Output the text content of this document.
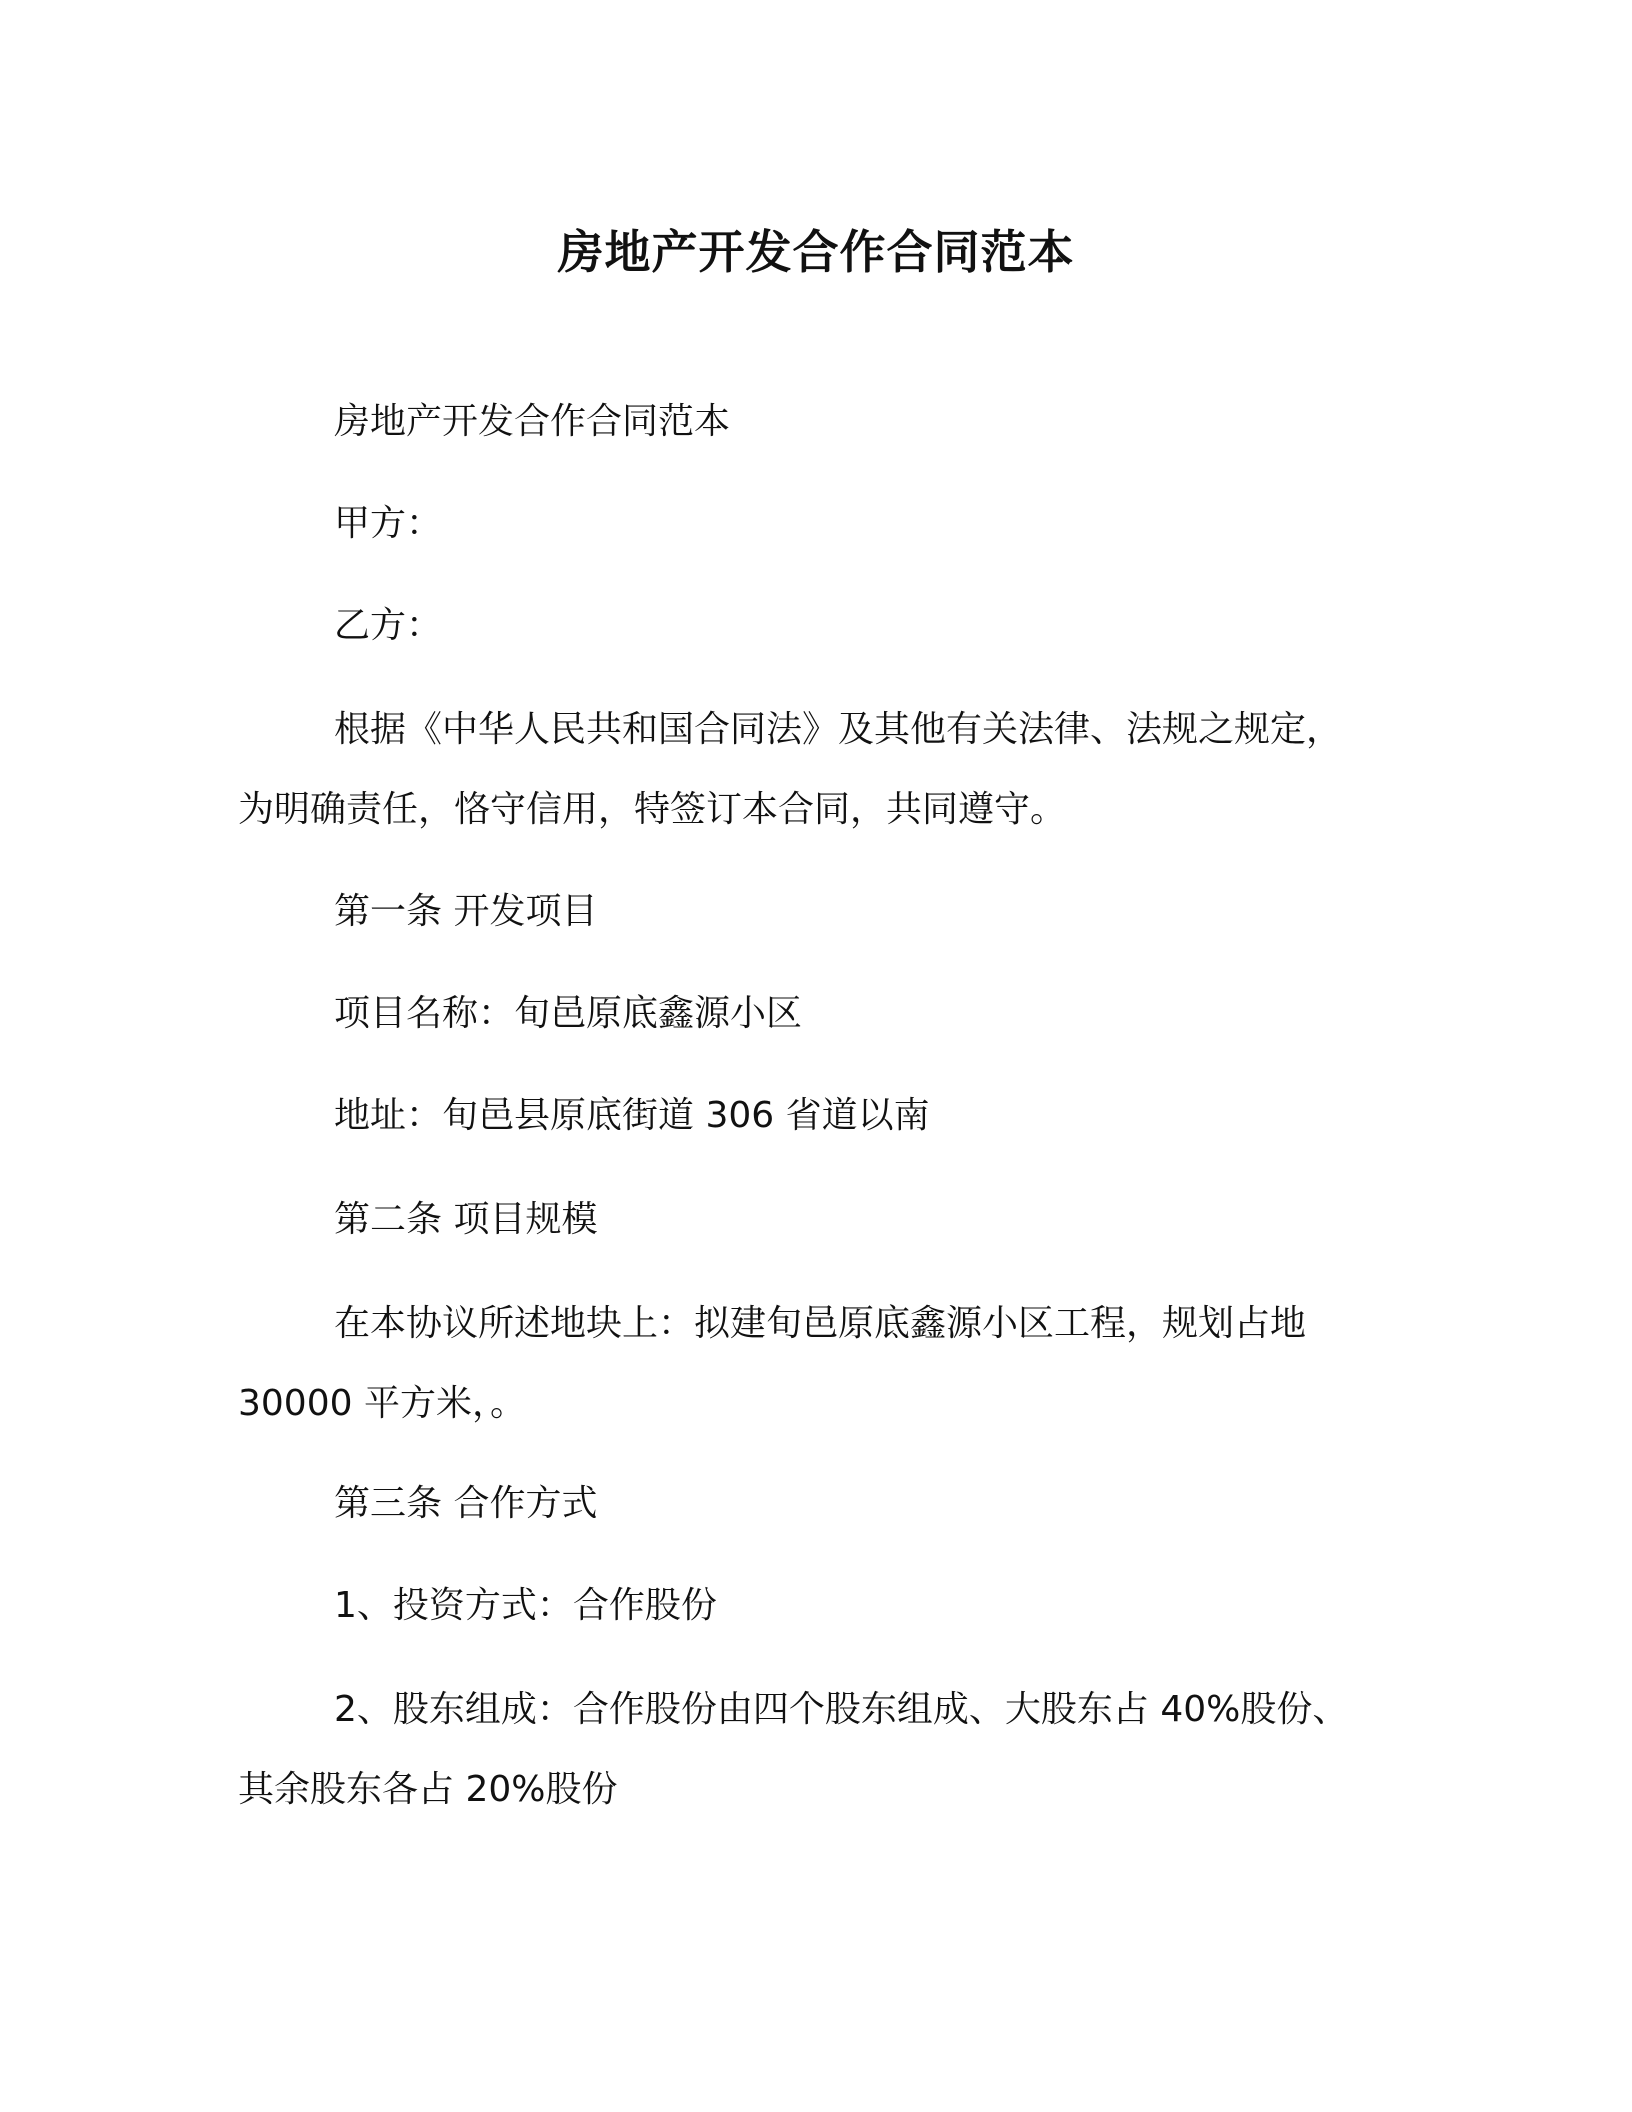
房地产开发合作合同范本
房地产开发合作合同范本
甲方：
乙方：
根据《中华人民共和国合同法》及其他有关法律、法规之规定，
为明确责任，恪守信用，特签订本合同，共同遵守。
第一条 开发项目
项目名称：旬邑原底鑫源小区
地址：旬邑县原底街道 306 省道以南
第二条 项目规模
在本协议所述地块上：拟建旬邑原底鑫源小区工程，规划占地
30000 平方米，。
第三条 合作方式
1、投资方式：合作股份
2、股东组成：合作股份由四个股东组成、大股东占 40%股份、
其余股东各占 20%股份
